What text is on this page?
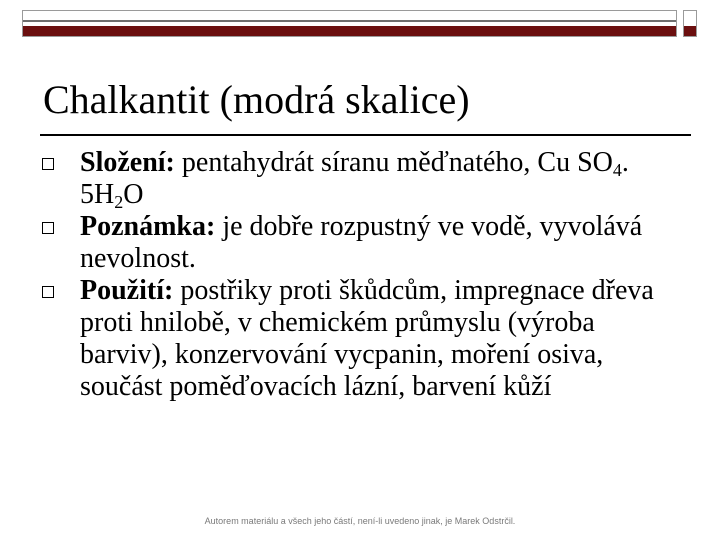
Chalkantit (modrá skalice)
Složení: pentahydrát síranu měďnatého, Cu $SO_4$. $5H_2O$
Poznámka: je dobře rozpustný ve vodě, vyvolává nevolnost.
Použití: postřiky proti škůdcům, impregnace dřeva proti hnilobě, v chemickém průmyslu (výroba barviv), konzervování vycpanin, moření osiva, součást poměďovacích lázní, barvení kůží
Autorem materiálu a všech jeho částí, není-li uvedeno jinak, je Marek Odstrčil.
